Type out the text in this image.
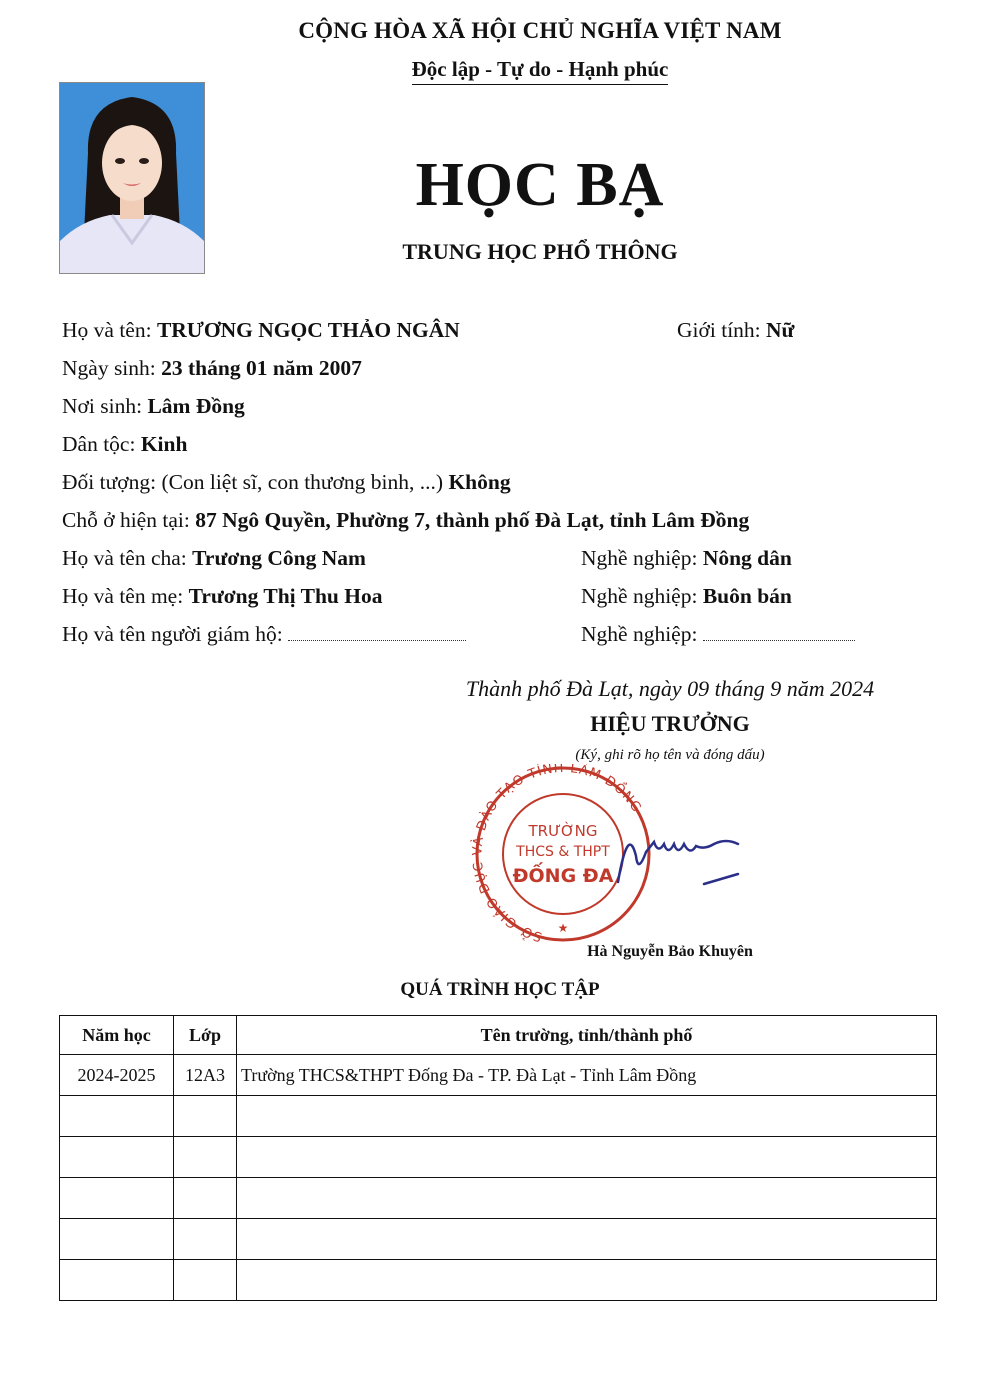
CỘNG HÒA XÃ HỘI CHỦ NGHĨA VIỆT NAM
Độc lập - Tự do - Hạnh phúc
HỌC BẠ
TRUNG HỌC PHỔ THÔNG
Họ và tên: TRƯƠNG NGỌC THẢO NGÂN	Giới tính: Nữ
Ngày sinh: 23 tháng 01 năm 2007
Nơi sinh: Lâm Đồng
Dân tộc: Kinh
Đối tượng: (Con liệt sĩ, con thương binh, ...) Không
Chỗ ở hiện tại: 87 Ngô Quyền, Phường 7, thành phố Đà Lạt, tỉnh Lâm Đồng
Họ và tên cha: Trương Công Nam	Nghề nghiệp: Nông dân
Họ và tên mẹ: Trương Thị Thu Hoa	Nghề nghiệp: Buôn bán
Họ và tên người giám hộ:	Nghề nghiệp:
Thành phố Đà Lạt, ngày 09 tháng 9 năm 2024
HIỆU TRƯỞNG
(Ký, ghi rõ họ tên và đóng dấu)
SỞ GIÁO DỤC VÀ ĐÀO TẠO TỈNH LÂM ĐỒNG
★
TRƯỜNG
THCS & THPT
ĐỐNG ĐA
Hà Nguyễn Bảo Khuyên
QUÁ TRÌNH HỌC TẬP
Năm học	Lớp	Tên trường, tỉnh/thành phố
2024-2025	12A3	Trường THCS&THPT Đống Đa - TP. Đà Lạt - Tỉnh Lâm Đồng
